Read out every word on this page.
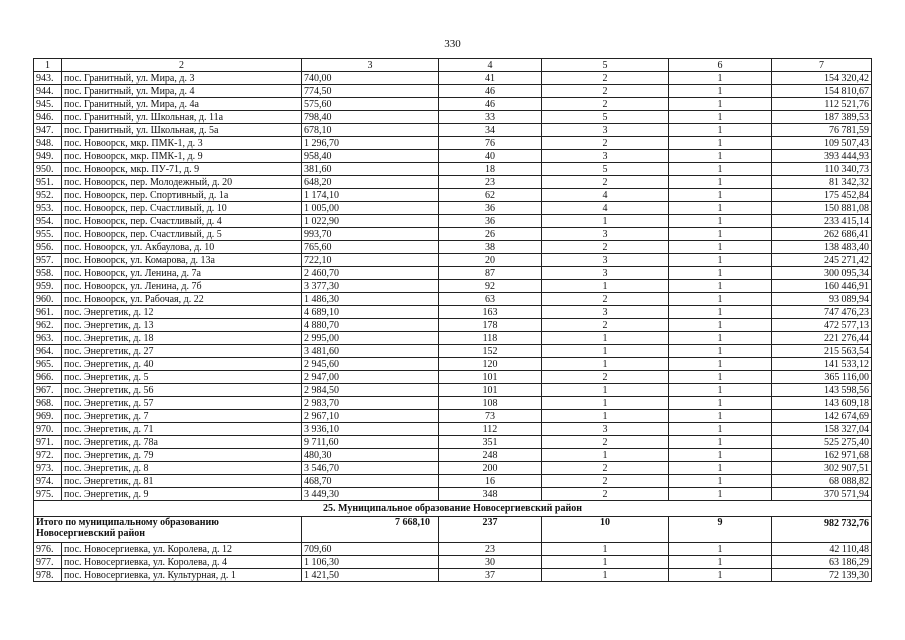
330
1	2	3	4	5	6	7
943.	пос. Гранитный, ул. Мира, д. 3	740,00	41	2	1	154 320,42
944.	пос. Гранитный, ул. Мира, д. 4	774,50	46	2	1	154 810,67
945.	пос. Гранитный, ул. Мира, д. 4а	575,60	46	2	1	112 521,76
946.	пос. Гранитный, ул. Школьная, д. 11а	798,40	33	5	1	187 389,53
947.	пос. Гранитный, ул. Школьная, д. 5а	678,10	34	3	1	76 781,59
948.	пос. Новоорск, мкр. ПМК-1, д. 3	1 296,70	76	2	1	109 507,43
949.	пос. Новоорск, мкр. ПМК-1, д. 9	958,40	40	3	1	393 444,93
950.	пос. Новоорск, мкр. ПУ-71, д. 9	381,60	18	5	1	110 340,73
951.	пос. Новоорск, пер. Молодежный, д. 20	648,20	23	2	1	81 342,32
952.	пос. Новоорск, пер. Спортивный, д. 1а	1 174,10	62	4	1	175 452,84
953.	пос. Новоорск, пер. Счастливый, д. 10	1 005,00	36	4	1	150 881,08
954.	пос. Новоорск, пер. Счастливый, д. 4	1 022,90	36	1	1	233 415,14
955.	пос. Новоорск, пер. Счастливый, д. 5	993,70	26	3	1	262 686,41
956.	пос. Новоорск, ул. Акбаулова, д. 10	765,60	38	2	1	138 483,40
957.	пос. Новоорск, ул. Комарова, д. 13а	722,10	20	3	1	245 271,42
958.	пос. Новоорск, ул. Ленина, д. 7а	2 460,70	87	3	1	300 095,34
959.	пос. Новоорск, ул. Ленина, д. 7б	3 377,30	92	1	1	160 446,91
960.	пос. Новоорск, ул. Рабочая, д. 22	1 486,30	63	2	1	93 089,94
961.	пос. Энергетик, д. 12	4 689,10	163	3	1	747 476,23
962.	пос. Энергетик, д. 13	4 880,70	178	2	1	472 577,13
963.	пос. Энергетик, д. 18	2 995,00	118	1	1	221 276,44
964.	пос. Энергетик, д. 27	3 481,60	152	1	1	215 563,54
965.	пос. Энергетик, д. 40	2 945,60	120	1	1	141 533,12
966.	пос. Энергетик, д. 5	2 947,00	101	2	1	365 116,00
967.	пос. Энергетик, д. 56	2 984,50	101	1	1	143 598,56
968.	пос. Энергетик, д. 57	2 983,70	108	1	1	143 609,18
969.	пос. Энергетик, д. 7	2 967,10	73	1	1	142 674,69
970.	пос. Энергетик, д. 71	3 936,10	112	3	1	158 327,04
971.	пос. Энергетик, д. 78а	9 711,60	351	2	1	525 275,40
972.	пос. Энергетик, д. 79	480,30	248	1	1	162 971,68
973.	пос. Энергетик, д. 8	3 546,70	200	2	1	302 907,51
974.	пос. Энергетик, д. 81	468,70	16	2	1	68 088,82
975.	пос. Энергетик, д. 9	3 449,30	348	2	1	370 571,94
25. Муниципальное образование Новосергиевский район						
Итого по муниципальному образованию Новосергиевский район		7 668,10	237	10	9	982 732,76
976.	пос. Новосергиевка, ул. Королева, д. 12	709,60	23	1	1	42 110,48
977.	пос. Новосергиевка, ул. Королева, д. 4	1 106,30	30	1	1	63 186,29
978.	пос. Новосергиевка, ул. Культурная, д. 1	1 421,50	37	1	1	72 139,30
